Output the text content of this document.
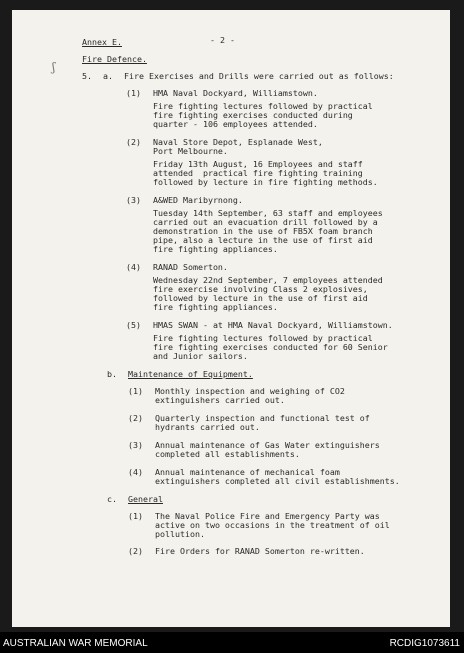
ʃ

Annex E.	- 2 -

Fire Defence.

5. a. Fire Exercises and Drills were carried out as follows:

(1) HMA Naval Dockyard, Williamstown.

Fire fighting lectures followed by practical

fire fighting exercises conducted during

quarter - 106 employees attended.

(2) Naval Store Depot, Esplanade West,

Port Melbourne.

Friday 13th August, 16 Employees and staff

attended  practical fire fighting training

followed by lecture in fire fighting methods.

(3) A&WED Maribyrnong.

Tuesday 14th September, 63 staff and employees

carried out an evacuation drill followed by a

demonstration in the use of FB5X foam branch

pipe, also a lecture in the use of first aid

fire fighting appliances.

(4) RANAD Somerton.

Wednesday 22nd September, 7 employees attended

fire exercise involving Class 2 explosives,

followed by lecture in the use of first aid

fire fighting appliances.

(5) HMAS SWAN - at HMA Naval Dockyard, Williamstown.

Fire fighting lectures followed by practical

fire fighting exercises conducted for 60 Senior

and Junior sailors.

b. Maintenance of Equipment.

(1) Monthly inspection and weighing of CO2

extinguishers carried out.

(2) Quarterly inspection and functional test of

hydrants carried out.

(3) Annual maintenance of Gas Water extinguishers

completed all establishments.

(4) Annual maintenance of mechanical foam

extinguishers completed all civil establishments.

c. General

(1) The Naval Police Fire and Emergency Party was

active on two occasions in the treatment of oil

pollution.

(2) Fire Orders for RANAD Somerton re-written.

AUSTRALIAN WAR MEMORIAL	RCDIG1073611
